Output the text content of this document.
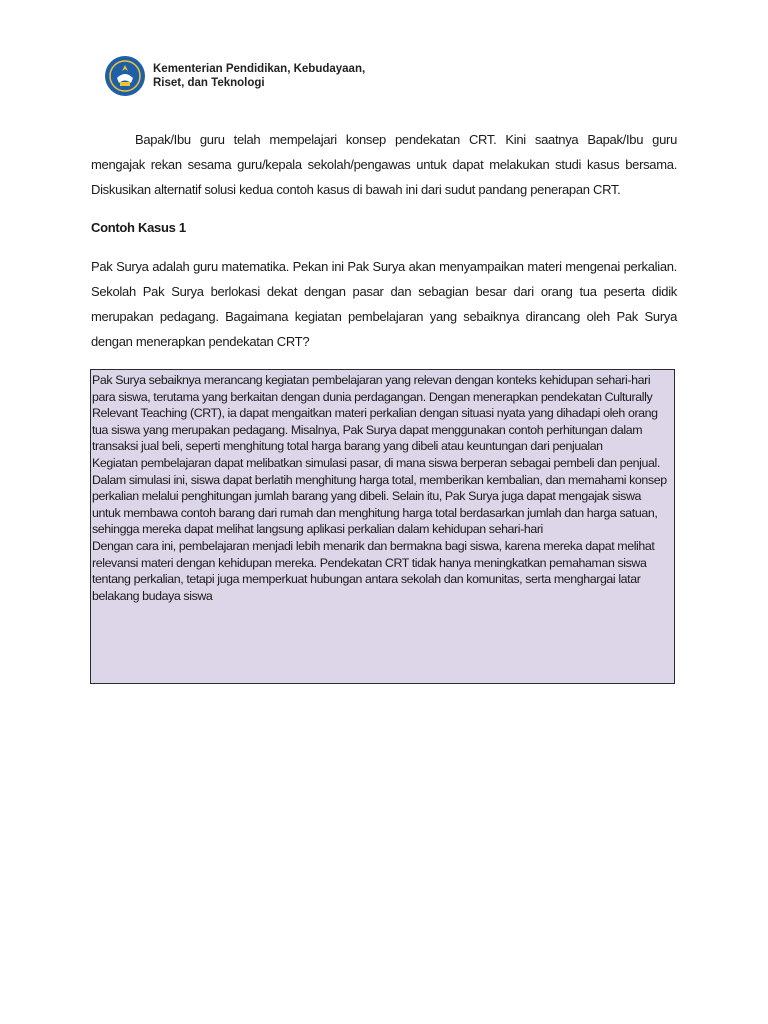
Kementerian Pendidikan, Kebudayaan,
Riset, dan Teknologi

Bapak/Ibu guru telah mempelajari konsep pendekatan CRT. Kini saatnya Bapak/Ibu guru mengajak rekan sesama guru/kepala sekolah/pengawas untuk dapat melakukan studi kasus bersama. Diskusikan alternatif solusi kedua contoh kasus di bawah ini dari sudut pandang penerapan CRT.

Contoh Kasus 1

Pak Surya adalah guru matematika. Pekan ini Pak Surya akan menyampaikan materi mengenai perkalian. Sekolah Pak Surya berlokasi dekat dengan pasar dan sebagian besar dari orang tua peserta didik merupakan pedagang. Bagaimana kegiatan pembelajaran yang sebaiknya dirancang oleh Pak Surya dengan menerapkan pendekatan CRT?

Pak Surya sebaiknya merancang kegiatan pembelajaran yang relevan dengan konteks kehidupan sehari-hari para siswa, terutama yang berkaitan dengan dunia perdagangan. Dengan menerapkan pendekatan Culturally Relevant Teaching (CRT), ia dapat mengaitkan materi perkalian dengan situasi nyata yang dihadapi oleh orang tua siswa yang merupakan pedagang. Misalnya, Pak Surya dapat menggunakan contoh perhitungan dalam transaksi jual beli, seperti menghitung total harga barang yang dibeli atau keuntungan dari penjualan
Kegiatan pembelajaran dapat melibatkan simulasi pasar, di mana siswa berperan sebagai pembeli dan penjual. Dalam simulasi ini, siswa dapat berlatih menghitung harga total, memberikan kembalian, dan memahami konsep perkalian melalui penghitungan jumlah barang yang dibeli. Selain itu, Pak Surya juga dapat mengajak siswa untuk membawa contoh barang dari rumah dan menghitung harga total berdasarkan jumlah dan harga satuan, sehingga mereka dapat melihat langsung aplikasi perkalian dalam kehidupan sehari-hari
Dengan cara ini, pembelajaran menjadi lebih menarik dan bermakna bagi siswa, karena mereka dapat melihat relevansi materi dengan kehidupan mereka. Pendekatan CRT tidak hanya meningkatkan pemahaman siswa tentang perkalian, tetapi juga memperkuat hubungan antara sekolah dan komunitas, serta menghargai latar belakang budaya siswa
